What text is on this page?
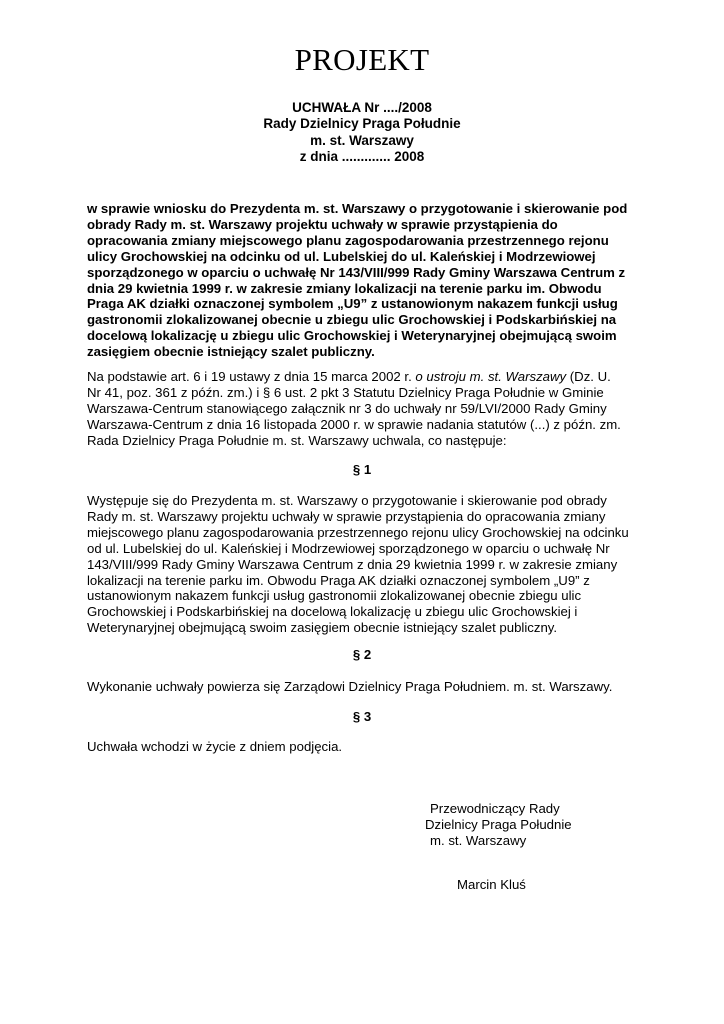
PROJEKT
UCHWAŁA Nr ..../2008
Rady Dzielnicy Praga Południe
m. st. Warszawy
z dnia ............. 2008
w sprawie wniosku do Prezydenta m. st. Warszawy o przygotowanie i skierowanie pod
obrady Rady m. st. Warszawy projektu uchwały w sprawie przystąpienia do
opracowania zmiany miejscowego planu zagospodarowania przestrzennego rejonu
ulicy Grochowskiej na odcinku od ul. Lubelskiej do ul. Kaleńskiej i Modrzewiowej
sporządzonego w oparciu o uchwałę Nr 143/VIII/999 Rady Gminy Warszawa Centrum z
dnia 29 kwietnia 1999 r. w zakresie zmiany lokalizacji na terenie parku im. Obwodu
Praga AK działki oznaczonej symbolem „U9” z ustanowionym nakazem funkcji usług
gastronomii zlokalizowanej obecnie u zbiegu ulic Grochowskiej i Podskarbińskiej na
docelową lokalizację u zbiegu ulic Grochowskiej i Weterynaryjnej obejmującą swoim
zasięgiem obecnie istniejący szalet publiczny.
Na podstawie art. 6 i 19 ustawy z dnia 15 marca 2002 r. o ustroju m. st. Warszawy (Dz. U.
Nr 41, poz. 361 z późn. zm.) i § 6 ust. 2 pkt 3 Statutu Dzielnicy Praga Południe w Gminie
Warszawa-Centrum stanowiącego załącznik nr 3 do uchwały nr 59/LVI/2000 Rady Gminy
Warszawa-Centrum z dnia 16 listopada 2000 r. w sprawie nadania statutów (...) z późn. zm.
Rada Dzielnicy Praga Południe m. st. Warszawy uchwala, co następuje:
§ 1
Występuje się do Prezydenta m. st. Warszawy o przygotowanie i skierowanie pod obrady
Rady m. st. Warszawy projektu uchwały w sprawie przystąpienia do opracowania zmiany
miejscowego planu zagospodarowania przestrzennego rejonu ulicy Grochowskiej na odcinku
od ul. Lubelskiej do ul. Kaleńskiej i Modrzewiowej sporządzonego w oparciu o uchwałę Nr
143/VIII/999 Rady Gminy Warszawa Centrum z dnia 29 kwietnia 1999 r. w zakresie zmiany
lokalizacji na terenie parku im. Obwodu Praga AK działki oznaczonej symbolem „U9” z
ustanowionym nakazem funkcji usług gastronomii zlokalizowanej obecnie zbiegu ulic
Grochowskiej i Podskarbińskiej na docelową lokalizację u zbiegu ulic Grochowskiej i
Weterynaryjnej obejmującą swoim zasięgiem obecnie istniejący szalet publiczny.
§ 2
Wykonanie uchwały powierza się Zarządowi Dzielnicy Praga Południem. m. st. Warszawy.
§ 3
Uchwała wchodzi w życie z dniem podjęcia.
Przewodniczący Rady
Dzielnicy Praga Południe
m. st. Warszawy
Marcin Kluś
